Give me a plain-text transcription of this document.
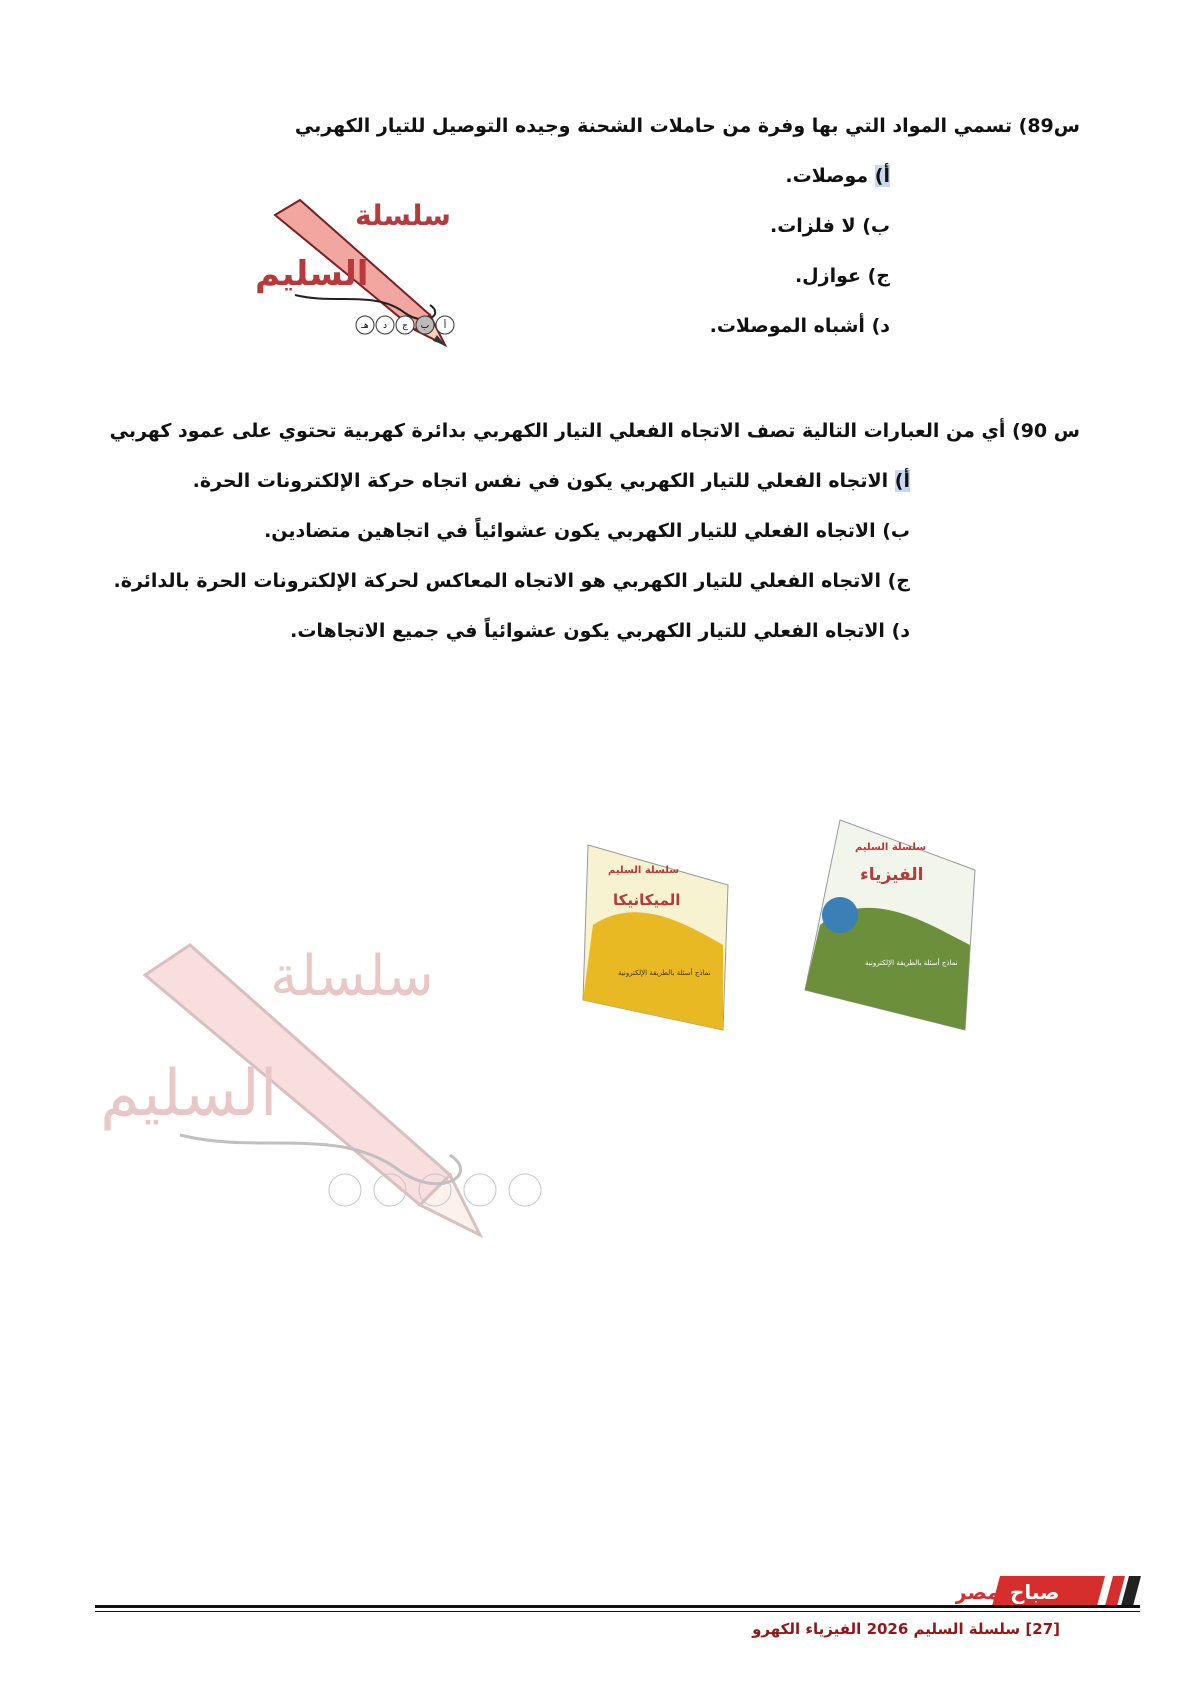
س89) تسمي المواد التي بها وفرة من حاملات الشحنة وجيده التوصيل للتيار الكهربي
أ) موصلات.
ب) لا فلزات.
ج) عوازل.
د) أشباه الموصلات.
سلسلة
السليم
هـ د ج ب أ
س 90) أي من العبارات التالية تصف الاتجاه الفعلي التيار الكهربي بدائرة كهربية تحتوي على عمود كهربي
أ) الاتجاه الفعلي للتيار الكهربي يكون في نفس اتجاه حركة الإلكترونات الحرة.
ب) الاتجاه الفعلي للتيار الكهربي يكون عشوائياً في اتجاهين متضادين.
ج) الاتجاه الفعلي للتيار الكهربي هو الاتجاه المعاكس لحركة الإلكترونات الحرة بالدائرة.
د) الاتجاه الفعلي للتيار الكهربي يكون عشوائياً في جميع الاتجاهات.
سلسلة
السليم
سلسلة السليم
الميكانيكا
نماذج أسئلة بالطريقة الإلكترونية
سلسلة السليم
الفيزياء
نماذج أسئلة بالطريقة الإلكترونية
صباح
مصر
[27] سلسلة السليم 2026 الفيزياء الكهرو
